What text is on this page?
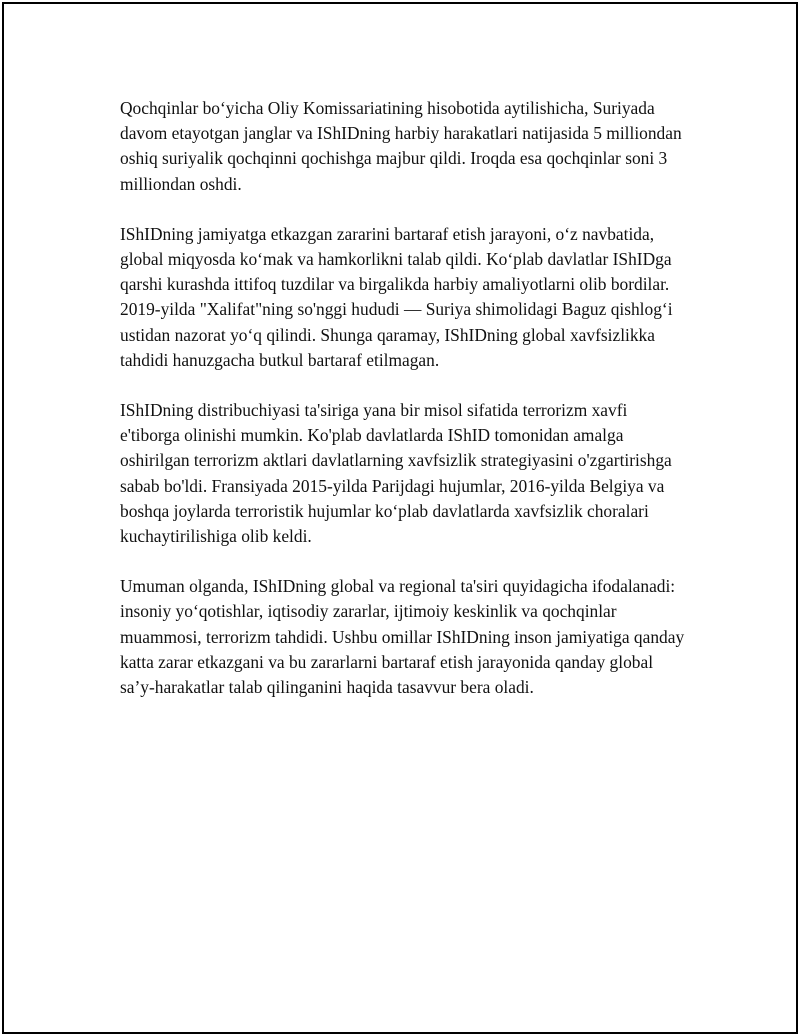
Qochqinlar bo‘yicha Oliy Komissariatining hisobotida aytilishicha, Suriyada davom etayotgan janglar va IShIDning harbiy harakatlari natijasida 5 milliondan oshiq suriyalik qochqinni qochishga majbur qildi. Iroqda esa qochqinlar soni 3 milliondan oshdi.

IShIDning jamiyatga etkazgan zararini bartaraf etish jarayoni, o‘z navbatida, global miqyosda ko‘mak va hamkorlikni talab qildi. Ko‘plab davlatlar IShIDga qarshi kurashda ittifoq tuzdilar va birgalikda harbiy amaliyotlarni olib bordilar. 2019-yilda "Xalifat"ning so'nggi hududi — Suriya shimolidagi Baguz qishlog‘i ustidan nazorat yo‘q qilindi. Shunga qaramay, IShIDning global xavfsizlikka tahdidi hanuzgacha butkul bartaraf etilmagan.

IShIDning distribuchiyasi ta'siriga yana bir misol sifatida terrorizm xavfi e'tiborga olinishi mumkin. Ko'plab davlatlarda IShID tomonidan amalga oshirilgan terrorizm aktlari davlatlarning xavfsizlik strategiyasini o'zgartirishga sabab bo'ldi. Fransiyada 2015-yilda Parijdagi hujumlar, 2016-yilda Belgiya va boshqa joylarda terroristik hujumlar ko‘plab davlatlarda xavfsizlik choralari kuchaytirilishiga olib keldi.

Umuman olganda, IShIDning global va regional ta'siri quyidagicha ifodalanadi: insoniy yo‘qotishlar, iqtisodiy zararlar, ijtimoiy keskinlik va qochqinlar muammosi, terrorizm tahdidi. Ushbu omillar IShIDning inson jamiyatiga qanday katta zarar etkazgani va bu zararlarni bartaraf etish jarayonida qanday global sa’y-harakatlar talab qilinganini haqida tasavvur bera oladi.
